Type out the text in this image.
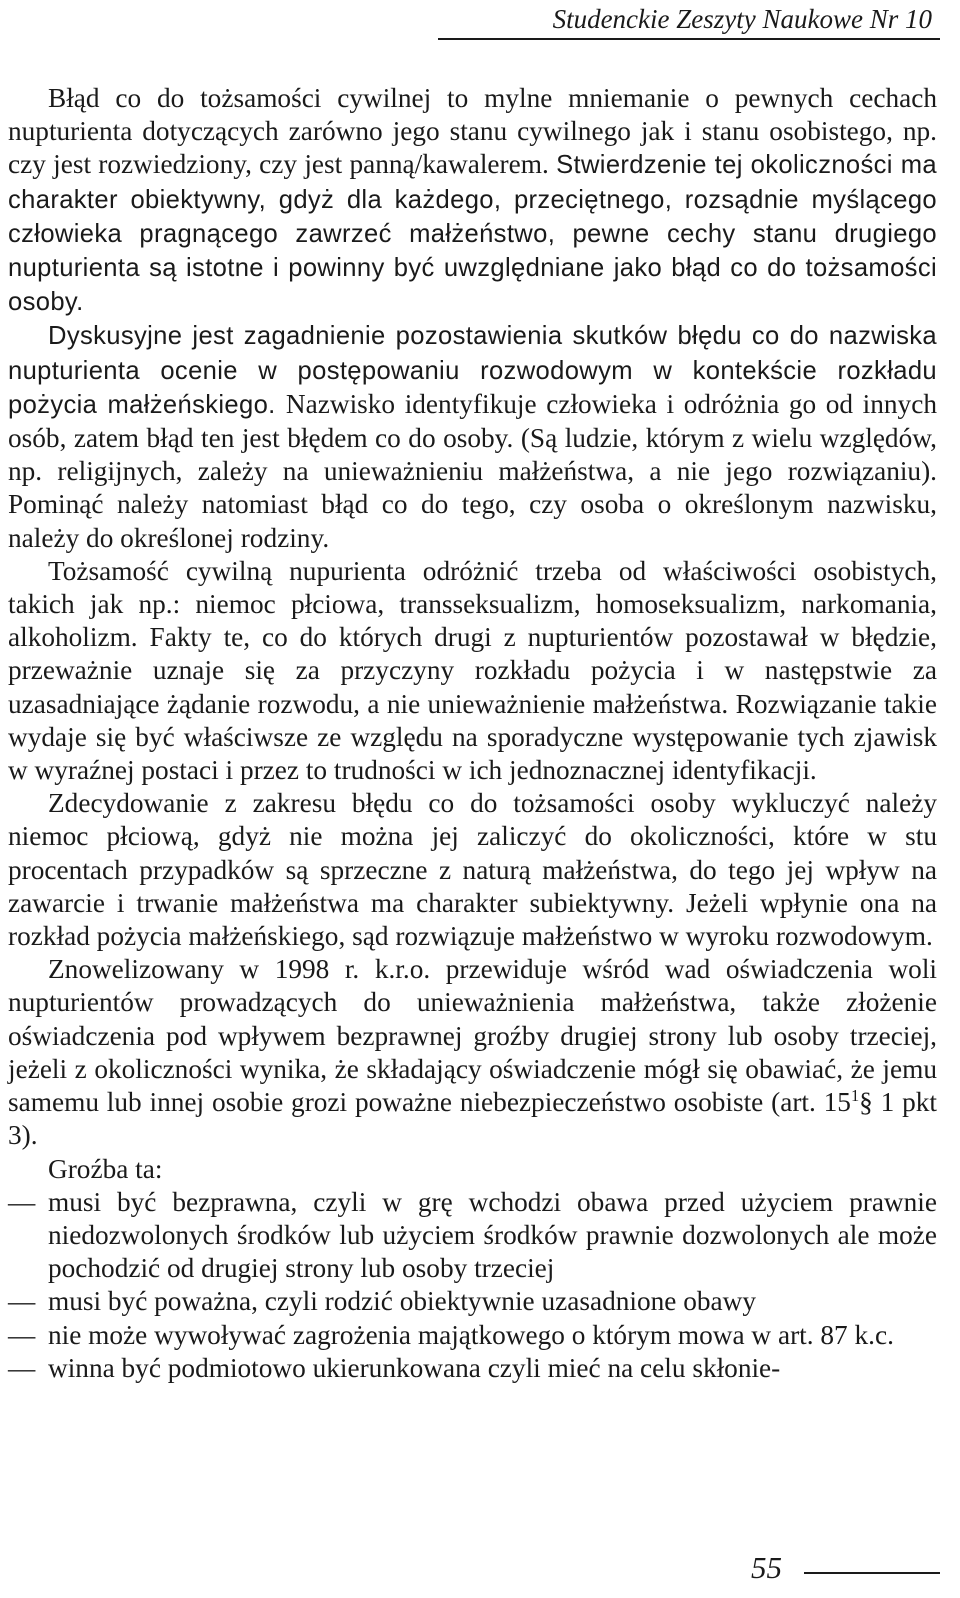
Studenckie Zeszyty Naukowe Nr 10

Błąd co do tożsamości cywilnej to mylne mniemanie o pewnych cechach nupturienta dotyczących zarówno jego stanu cywilnego jak i stanu osobistego, np. czy jest rozwiedziony, czy jest panną/kawalerem. Stwierdzenie tej okoliczności ma charakter obiektywny, gdyż dla każdego, przeciętnego, rozsądnie myślącego człowieka pragnącego zawrzeć małżeństwo, pewne cechy stanu drugiego nupturienta są istotne i powinny być uwzględniane jako błąd co do tożsamości osoby.

Dyskusyjne jest zagadnienie pozostawienia skutków błędu co do nazwiska nupturienta ocenie w postępowaniu rozwodowym w kontekście rozkładu pożycia małżeńskiego. Nazwisko identyfikuje człowieka i odróżnia go od innych osób, zatem błąd ten jest błędem co do osoby. (Są ludzie, którym z wielu względów, np. religijnych, zależy na unieważnieniu małżeństwa, a nie jego rozwiązaniu). Pominąć należy natomiast błąd co do tego, czy osoba o określonym nazwisku, należy do określonej rodziny.

Tożsamość cywilną nupurienta odróżnić trzeba od właściwości osobistych, takich jak np.: niemoc płciowa, transseksualizm, homoseksualizm, narkomania, alkoholizm. Fakty te, co do których drugi z nupturientów pozostawał w błędzie, przeważnie uznaje się za przyczyny rozkładu pożycia i w następstwie za uzasadniające żądanie rozwodu, a nie unieważnienie małżeństwa. Rozwiązanie takie wydaje się być właściwsze ze względu na sporadyczne występowanie tych zjawisk w wyraźnej postaci i przez to trudności w ich jednoznacznej identyfikacji.

Zdecydowanie z zakresu błędu co do tożsamości osoby wykluczyć należy niemoc płciową, gdyż nie można jej zaliczyć do okoliczności, które w stu procentach przypadków są sprzeczne z naturą małżeństwa, do tego jej wpływ na zawarcie i trwanie małżeństwa ma charakter subiektywny. Jeżeli wpłynie ona na rozkład pożycia małżeńskiego, sąd rozwiązuje małżeństwo w wyroku rozwodowym.

Znowelizowany w 1998 r. k.r.o. przewiduje wśród wad oświadczenia woli nupturientów prowadzących do unieważnienia małżeństwa, także złożenie oświadczenia pod wpływem bezprawnej groźby drugiej strony lub osoby trzeciej, jeżeli z okoliczności wynika, że składający oświadczenie mógł się obawiać, że jemu samemu lub innej osobie grozi poważne niebezpieczeństwo osobiste (art. $15^1\S$ 1 pkt 3).

Groźba ta:

— musi być bezprawna, czyli w grę wchodzi obawa przed użyciem prawnie niedozwolonych środków lub użyciem środków prawnie dozwolonych ale może pochodzić od drugiej strony lub osoby trzeciej
— musi być poważna, czyli rodzić obiektywnie uzasadnione obawy
— nie może wywoływać zagrożenia majątkowego o którym mowa w art. 87 k.c.
— winna być podmiotowo ukierunkowana czyli mieć na celu skłonie-
55
